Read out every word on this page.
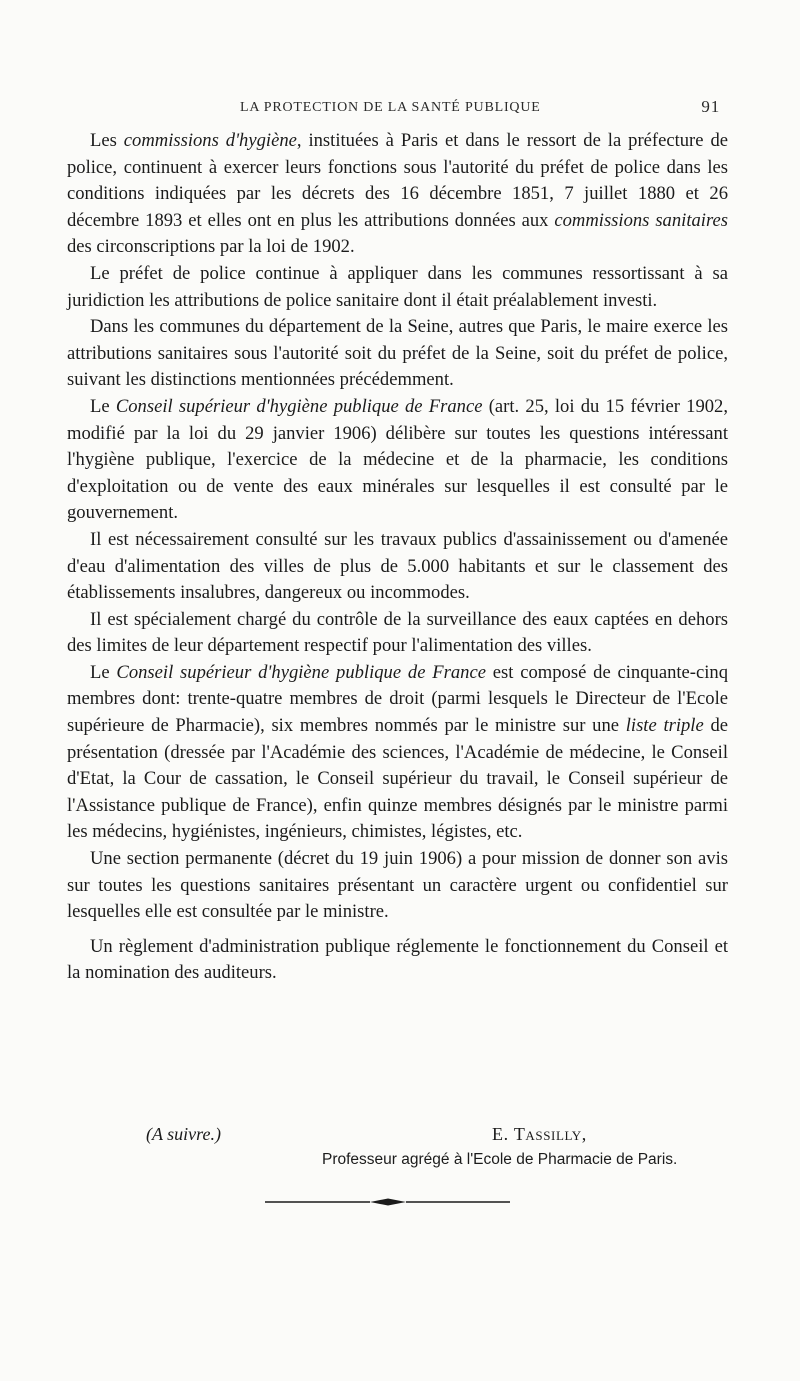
LA PROTECTION DE LA SANTÉ PUBLIQUE	91

Les commissions d'hygiène, instituées à Paris et dans le ressort de la préfecture de police, continuent à exercer leurs fonctions sous l'autorité du préfet de police dans les conditions indiquées par les décrets des 16 décembre 1851, 7 juillet 1880 et 26 décembre 1893 et elles ont en plus les attributions données aux commissions sanitaires des circonscriptions par la loi de 1902.

Le préfet de police continue à appliquer dans les communes ressortissant à sa juridiction les attributions de police sanitaire dont il était préalablement investi.

Dans les communes du département de la Seine, autres que Paris, le maire exerce les attributions sanitaires sous l'autorité soit du préfet de la Seine, soit du préfet de police, suivant les distinctions mentionnées précédemment.

Le Conseil supérieur d'hygiène publique de France (art. 25, loi du 15 février 1902, modifié par la loi du 29 janvier 1906) délibère sur toutes les questions intéressant l'hygiène publique, l'exercice de la médecine et de la pharmacie, les conditions d'exploitation ou de vente des eaux minérales sur lesquelles il est consulté par le gouvernement.

Il est nécessairement consulté sur les travaux publics d'assainissement ou d'amenée d'eau d'alimentation des villes de plus de 5.000 habitants et sur le classement des établissements insalubres, dangereux ou incommodes.

Il est spécialement chargé du contrôle de la surveillance des eaux captées en dehors des limites de leur département respectif pour l'alimentation des villes.

Le Conseil supérieur d'hygiène publique de France est composé de cinquante-cinq membres dont: trente-quatre membres de droit (parmi lesquels le Directeur de l'Ecole supérieure de Pharmacie), six membres nommés par le ministre sur une liste triple de présentation (dressée par l'Académie des sciences, l'Académie de médecine, le Conseil d'Etat, la Cour de cassation, le Conseil supérieur du travail, le Conseil supérieur de l'Assistance publique de France), enfin quinze membres désignés par le ministre parmi les médecins, hygiénistes, ingénieurs, chimistes, légistes, etc.

Une section permanente (décret du 19 juin 1906) a pour mission de donner son avis sur toutes les questions sanitaires présentant un caractère urgent ou confidentiel sur lesquelles elle est consultée par le ministre.

Un règlement d'administration publique réglemente le fonctionnement du Conseil et la nomination des auditeurs.

(A suivre.)	E. Tassilly,
Professeur agrégé à l'Ecole de Pharmacie de Paris.
